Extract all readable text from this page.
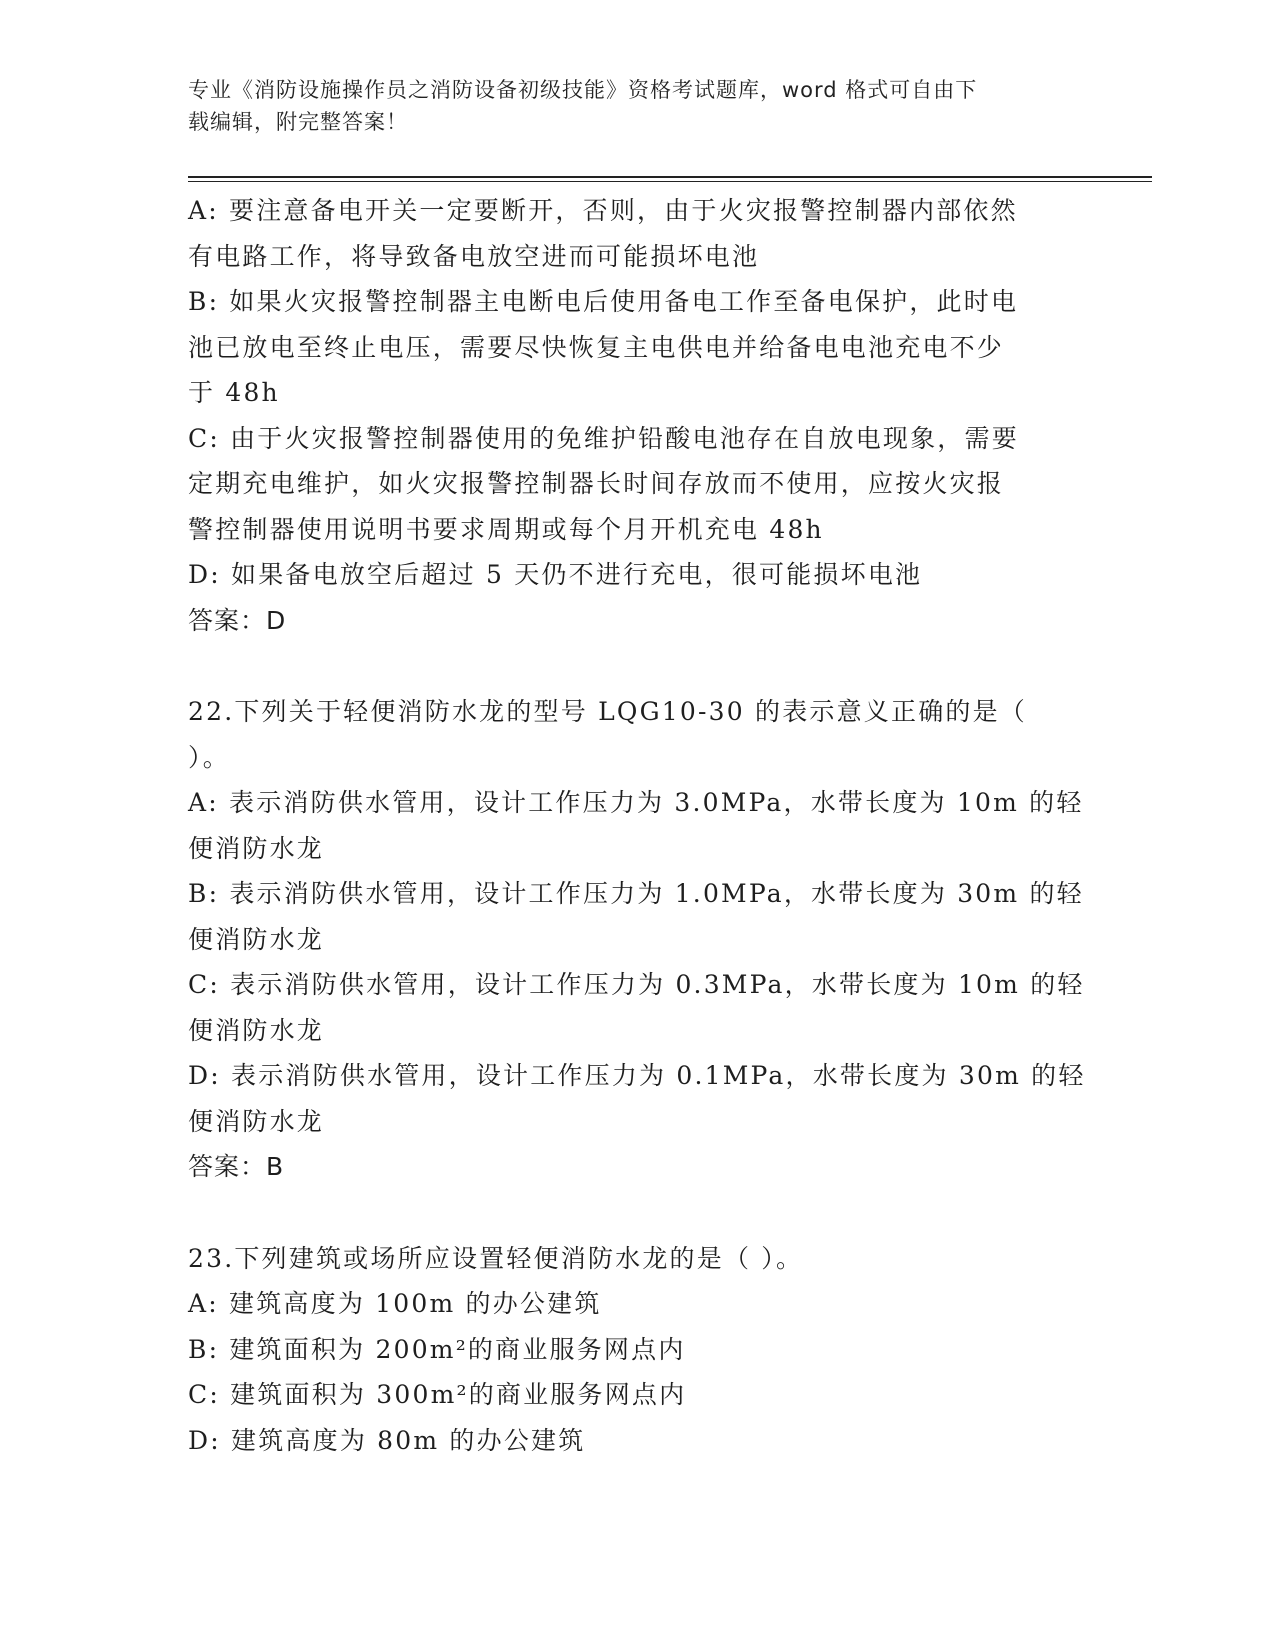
专业《消防设施操作员之消防设备初级技能》资格考试题库，word 格式可自由下
载编辑，附完整答案！

A: 要注意备电开关一定要断开，否则，由于火灾报警控制器内部依然

有电路工作，将导致备电放空进而可能损坏电池

B: 如果火灾报警控制器主电断电后使用备电工作至备电保护，此时电

池已放电至终止电压，需要尽快恢复主电供电并给备电电池充电不少

于 48h

C: 由于火灾报警控制器使用的免维护铅酸电池存在自放电现象，需要

定期充电维护，如火灾报警控制器长时间存放而不使用，应按火灾报

警控制器使用说明书要求周期或每个月开机充电 48h

D: 如果备电放空后超过 5 天仍不进行充电，很可能损坏电池

答案：D

22.下列关于轻便消防水龙的型号 LQG10-30 的表示意义正确的是（

）。

A: 表示消防供水管用，设计工作压力为 3.0MPa，水带长度为 10m 的轻

便消防水龙

B: 表示消防供水管用，设计工作压力为 1.0MPa，水带长度为 30m 的轻

便消防水龙

C: 表示消防供水管用，设计工作压力为 0.3MPa，水带长度为 10m 的轻

便消防水龙

D: 表示消防供水管用，设计工作压力为 0.1MPa，水带长度为 30m 的轻

便消防水龙

答案：B

23.下列建筑或场所应设置轻便消防水龙的是（ ）。

A: 建筑高度为 100m 的办公建筑

B: 建筑面积为 200m²的商业服务网点内

C: 建筑面积为 300m²的商业服务网点内

D: 建筑高度为 80m 的办公建筑
